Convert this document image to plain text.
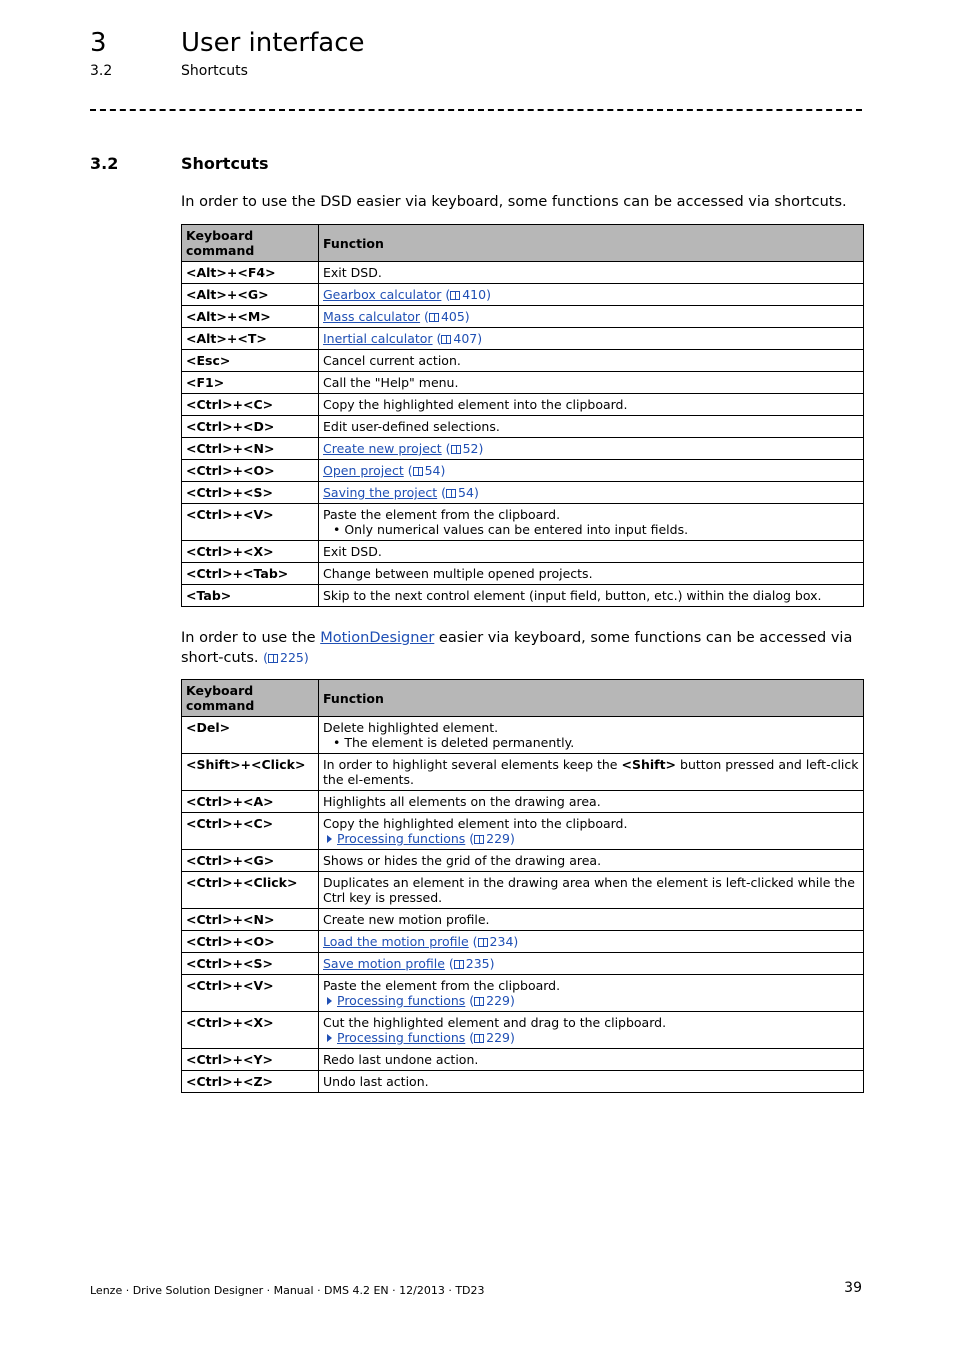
3	User interface
3.2	Shortcuts
3.2	Shortcuts
In order to use the DSD easier via keyboard, some functions can be accessed via shortcuts.
Keyboard command	Function
<Alt>+<F4>	Exit DSD.

<Alt>+<G>	Gearbox calculator ( 410)
<Alt>+<M>	Mass calculator ( 405)
<Alt>+<T>	Inertial calculator ( 407)
<Esc>	Cancel current action.

<F1>	Call the "Help" menu.

<Ctrl>+<C>	Copy the highlighted element into the clipboard.

<Ctrl>+<D>	Edit user-defined selections.

<Ctrl>+<N>	Create new project ( 52)
<Ctrl>+<O>	Open project ( 54)
<Ctrl>+<S>	Saving the project ( 54)
<Ctrl>+<V>	Paste the element from the clipboard.
• Only numerical values can be entered into input fields.

<Ctrl>+<X>	Exit DSD.

<Ctrl>+<Tab>	Change between multiple opened projects.

<Tab>	Skip to the next control element (input field, button, etc.) within the dialog box.
In order to use the MotionDesigner easier via keyboard, some functions can be accessed via short-cuts. ( 225)
Keyboard command	Function
<Del>	Delete highlighted element.
• The element is deleted permanently.

<Shift>+<Click>	In order to highlight several elements keep the <Shift> button pressed and left-click the el-ements.
<Ctrl>+<A>	Highlights all elements on the drawing area.

<Ctrl>+<C>	Copy the highlighted element into the clipboard.
Processing functions ( 229)

<Ctrl>+<G>	Shows or hides the grid of the drawing area.

<Ctrl>+<Click>	Duplicates an element in the drawing area when the element is left-clicked while the Ctrl key is pressed.

<Ctrl>+<N>	Create new motion profile.

<Ctrl>+<O>	Load the motion profile ( 234)
<Ctrl>+<S>	Save motion profile ( 235)
<Ctrl>+<V>	Paste the element from the clipboard.
Processing functions ( 229)

<Ctrl>+<X>	Cut the highlighted element and drag to the clipboard.
Processing functions ( 229)

<Ctrl>+<Y>	Redo last undone action.

<Ctrl>+<Z>	Undo last action.
Lenze · Drive Solution Designer · Manual · DMS 4.2 EN · 12/2013 · TD23	39
